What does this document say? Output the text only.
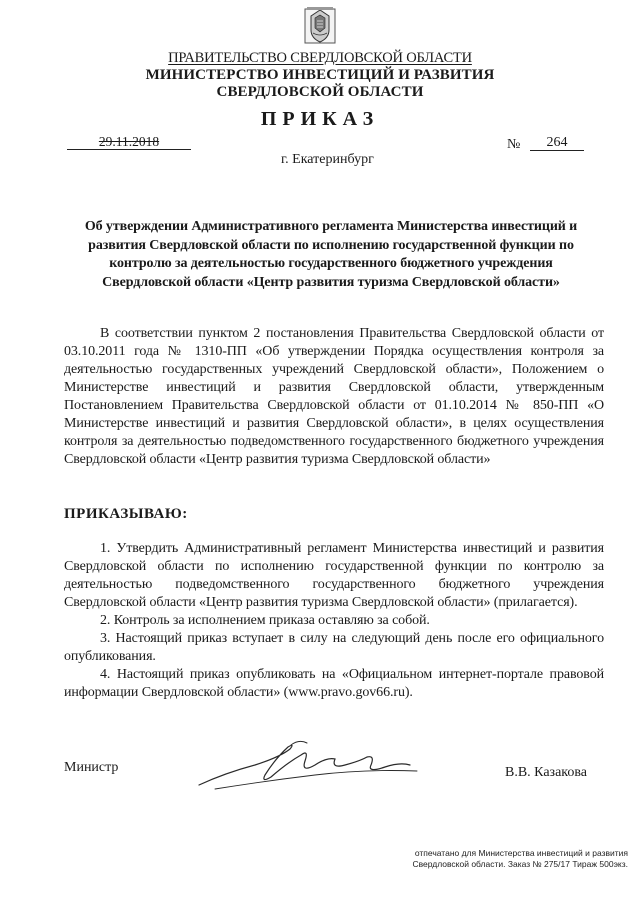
ПРАВИТЕЛЬСТВО СВЕРДЛОВСКОЙ ОБЛАСТИ
МИНИСТЕРСТВО ИНВЕСТИЦИЙ И РАЗВИТИЯ
СВЕРДЛОВСКОЙ ОБЛАСТИ
ПРИКАЗ
29.11.2018	№	264
г. Екатеринбург
Об утверждении Административного регламента Министерства инвестиций и развития Свердловской области по исполнению государственной функции по контролю за деятельностью государственного бюджетного учреждения Свердловской области «Центр развития туризма Свердловской области»

В соответствии пунктом 2 постановления Правительства Свердловской области от 03.10.2011 года № 1310-ПП «Об утверждении Порядка осуществления контроля за деятельностью государственных учреждений Свердловской области», Положением о Министерстве инвестиций и развития Свердловской области, утвержденным Постановлением Правительства Свердловской области от 01.10.2014 № 850-ПП «О Министерстве инвестиций и развития Свердловской области», в целях осуществления контроля за деятельностью подведомственного государственного бюджетного учреждения Свердловской области «Центр развития туризма Свердловской области»

ПРИКАЗЫВАЮ:

1. Утвердить Административный регламент Министерства инвестиций и развития Свердловской области по исполнению государственной функции по контролю за деятельностью подведомственного государственного бюджетного учреждения Свердловской области «Центр развития туризма Свердловской области» (прилагается).

2. Контроль за исполнением приказа оставляю за собой.

3. Настоящий приказ вступает в силу на следующий день после его официального опубликования.

4. Настоящий приказ опубликовать на «Официальном интернет-портале правовой информации Свердловской области» (www.pravo.gov66.ru).

Министр	В.В. Казакова
отпечатано для Министерства инвестиций и развития
Свердловской области. Заказ № 275/17 Тираж 500экз.
